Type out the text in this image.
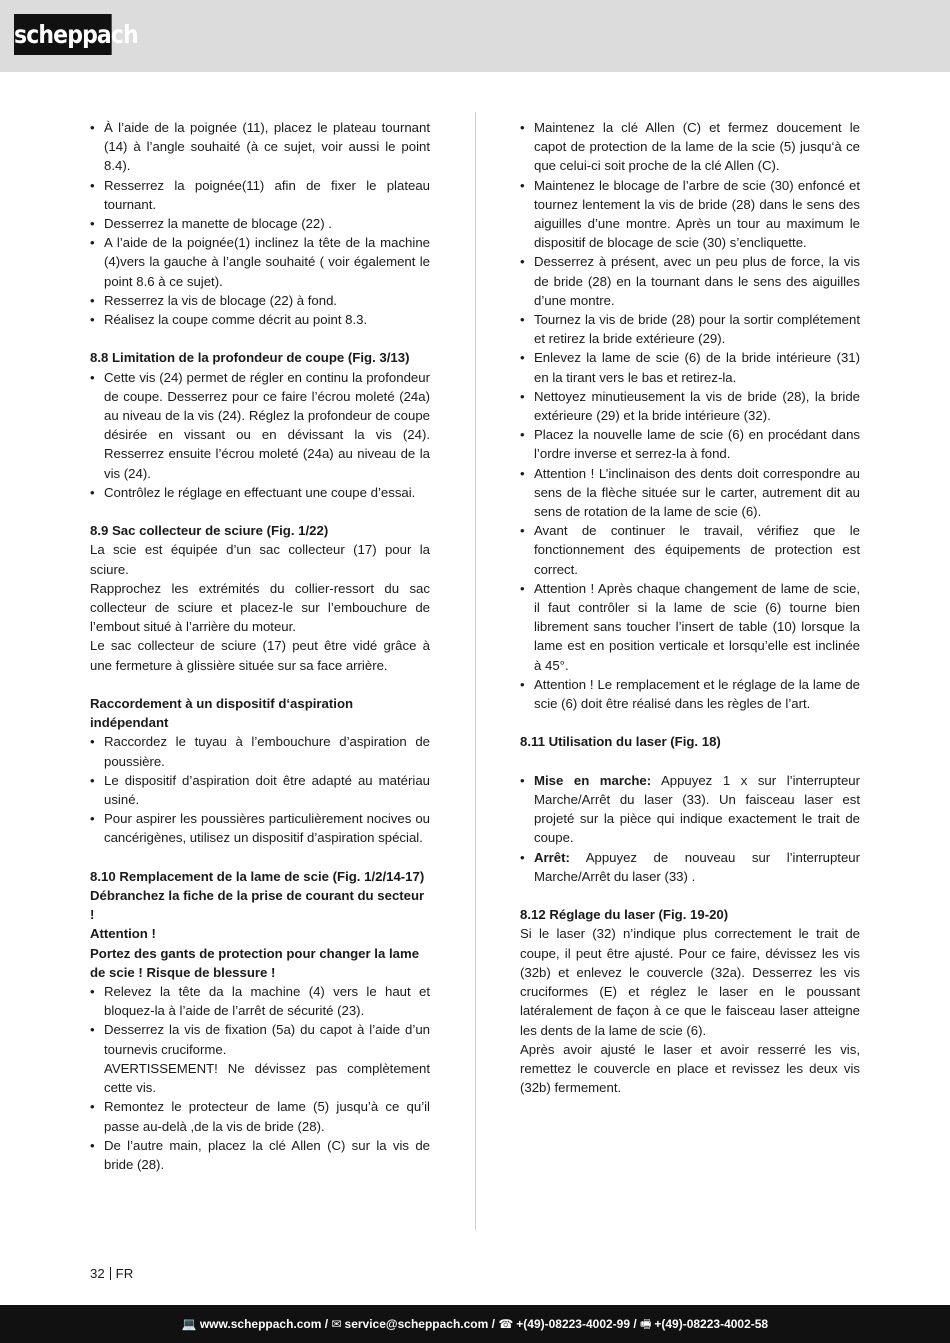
scheppach
• À l’aide de la poignée (11), placez le plateau tournant (14) à l’angle souhaité (à ce sujet, voir aussi le point 8.4).
• Resserrez la poignée(11) afin de fixer le plateau tournant.
• Desserrez la manette de blocage (22) .
• A l’aide de la poignée(1) inclinez la tête de la machine (4)vers la gauche à l’angle souhaité ( voir également le point 8.6 à ce sujet).
• Resserrez la vis de blocage (22) à fond.
• Réalisez la coupe comme décrit au point 8.3.

8.8 Limitation de la profondeur de coupe (Fig. 3/13)

• Cette vis (24) permet de régler en continu la profondeur de coupe. Desserrez pour ce faire l’écrou moleté (24a) au niveau de la vis (24). Réglez la profondeur de coupe désirée en vissant ou en dévissant la vis (24). Resserrez ensuite l’écrou moleté (24a) au niveau de la vis (24).
• Contrôlez le réglage en effectuant une coupe d’essai.

8.9 Sac collecteur de sciure (Fig. 1/22)

La scie est équipée d’un sac collecteur (17) pour la sciure.

Rapprochez les extrémités du collier-ressort du sac collecteur de sciure et placez-le sur l’embouchure de l’embout situé à l’arrière du moteur.

Le sac collecteur de sciure (17) peut être vidé grâce à une fermeture à glissière située sur sa face arrière.

Raccordement à un dispositif d‘aspiration indépendant

• Raccordez le tuyau à l’embouchure d’aspiration de poussière.
• Le dispositif d’aspiration doit être adapté au matériau usiné.
• Pour aspirer les poussières particulièrement nocives ou cancérigènes, utilisez un dispositif d’aspiration spécial.

8.10 Remplacement de la lame de scie (Fig. 1/2/14-17)

Débranchez la fiche de la prise de courant du secteur !

Attention !

Portez des gants de protection pour changer la lame de scie ! Risque de blessure !

• Relevez la tête da la machine (4) vers le haut et bloquez-la à l’aide de l’arrêt de sécurité (23).
• Desserrez la vis de fixation (5a) du capot à l’aide d’un tournevis cruciforme.
AVERTISSEMENT! Ne dévissez pas complètement cette vis.
• Remontez le protecteur de lame (5) jusqu’à ce qu’il passe au-delà ,de la vis de bride (28).
• De l’autre main, placez la clé Allen (C) sur la vis de bride (28).
• Maintenez la clé Allen (C) et fermez doucement le capot de protection de la lame de la scie (5) jusqu‘à ce que celui-ci soit proche de la clé Allen (C).
• Maintenez le blocage de l’arbre de scie (30) enfoncé et tournez lentement la vis de bride (28) dans le sens des aiguilles d’une montre. Après un tour au maximum le dispositif de blocage de scie (30) s’encliquette.
• Desserrez à présent, avec un peu plus de force, la vis de bride (28) en la tournant dans le sens des aiguilles d’une montre.
• Tournez la vis de bride (28) pour la sortir complétement et retirez la bride extérieure (29).
• Enlevez la lame de scie (6) de la bride intérieure (31) en la tirant vers le bas et retirez-la.
• Nettoyez minutieusement la vis de bride (28), la bride extérieure (29) et la bride intérieure (32).
• Placez la nouvelle lame de scie (6) en procédant dans l’ordre inverse et serrez-la à fond.
• Attention ! L’inclinaison des dents doit correspondre au sens de la flèche située sur le carter, autrement dit au sens de rotation de la lame de scie (6).
• Avant de continuer le travail, vérifiez que le fonctionnement des équipements de protection est correct.
• Attention ! Après chaque changement de lame de scie, il faut contrôler si la lame de scie (6) tourne bien librement sans toucher l’insert de table (10) lorsque la lame est en position verticale et lorsqu’elle est inclinée à 45°.
• Attention ! Le remplacement et le réglage de la lame de scie (6) doit être réalisé dans les règles de l’art.

8.11 Utilisation du laser (Fig. 18)

• Mise en marche: Appuyez 1 x sur l’interrupteur Marche/Arrêt du laser (33). Un faisceau laser est projeté sur la pièce qui indique exactement le trait de coupe.
• Arrêt: Appuyez de nouveau sur l’interrupteur Marche/Arrêt du laser (33) .

8.12 Réglage du laser (Fig. 19-20)

Si le laser (32) n’indique plus correctement le trait de coupe, il peut être ajusté. Pour ce faire, dévissez les vis (32b) et enlevez le couvercle (32a). Desserrez les vis cruciformes (E) et réglez le laser en le poussant latéralement de façon à ce que le faisceau laser atteigne les dents de la lame de scie (6).

Après avoir ajusté le laser et avoir resserré les vis, remettez le couvercle en place et revissez les deux vis (32b) fermement.

32 FR
💻 www.scheppach.com / ✉ service@scheppach.com / ☎ +(49)-08223-4002-99 / 🖷 +(49)-08223-4002-58
